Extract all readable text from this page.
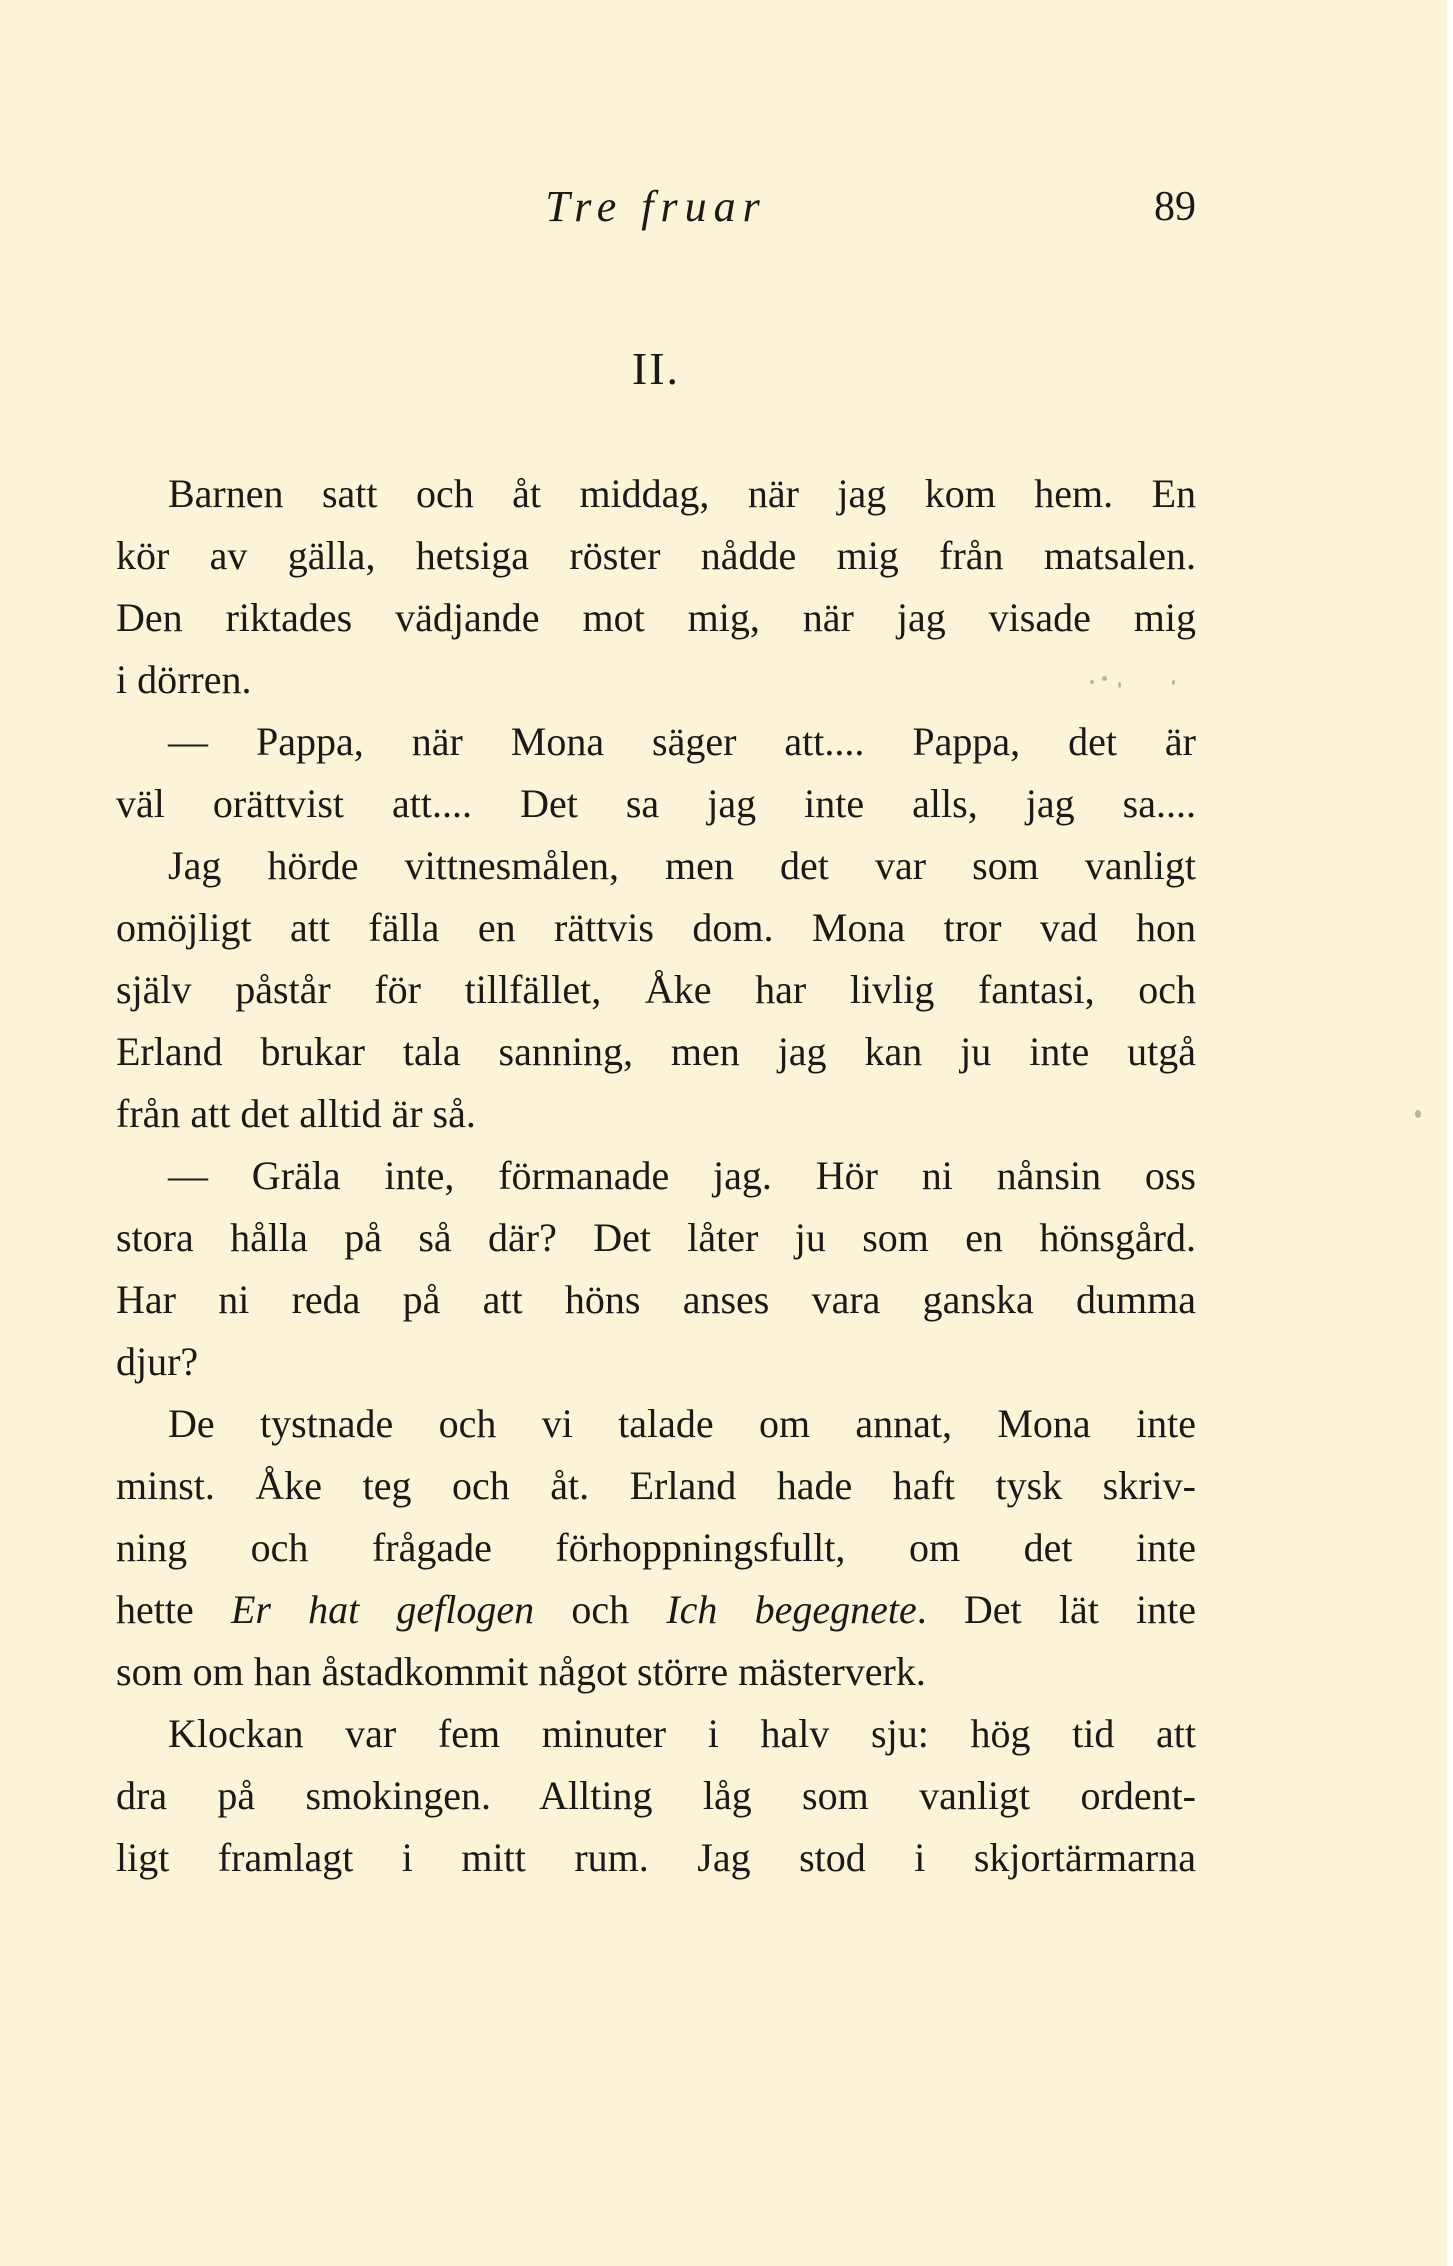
Tre fruar	89
II.
Barnen satt och åt middag, när jag kom hem. En
kör av gälla, hetsiga röster nådde mig från matsalen.
Den riktades vädjande mot mig, när jag visade mig
i dörren.
— Pappa, när Mona säger att.... Pappa, det är
väl orättvist att.... Det sa jag inte alls, jag sa....
Jag hörde vittnesmålen, men det var som vanligt
omöjligt att fälla en rättvis dom. Mona tror vad hon
själv påstår för tillfället, Åke har livlig fantasi, och
Erland brukar tala sanning, men jag kan ju inte utgå
från att det alltid är så.
— Gräla inte, förmanade jag. Hör ni nånsin oss
stora hålla på så där? Det låter ju som en hönsgård.
Har ni reda på att höns anses vara ganska dumma
djur?
De tystnade och vi talade om annat, Mona inte
minst. Åke teg och åt. Erland hade haft tysk skriv-
ning och frågade förhoppningsfullt, om det inte
hette Er hat geflogen och Ich begegnete. Det lät inte
som om han åstadkommit något större mästerverk.
Klockan var fem minuter i halv sju: hög tid att
dra på smokingen. Allting låg som vanligt ordent-
ligt framlagt i mitt rum. Jag stod i skjortärmarna
